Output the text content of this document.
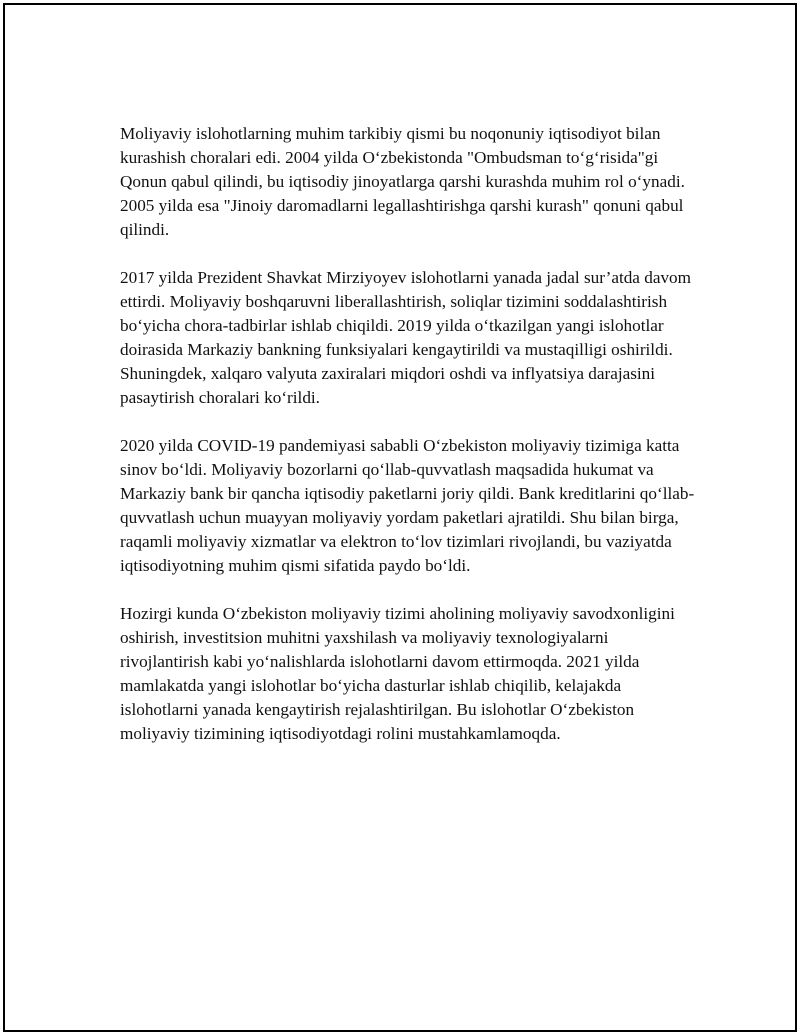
Moliyaviy islohotlarning muhim tarkibiy qismi bu noqonuniy iqtisodiyot bilan kurashish choralari edi. 2004 yilda O‘zbekistonda "Ombudsman to‘g‘risida"gi Qonun qabul qilindi, bu iqtisodiy jinoyatlarga qarshi kurashda muhim rol o‘ynadi. 2005 yilda esa "Jinoiy daromadlarni legallashtirishga qarshi kurash" qonuni qabul qilindi.

2017 yilda Prezident Shavkat Mirziyoyev islohotlarni yanada jadal sur’atda davom ettirdi. Moliyaviy boshqaruvni liberallashtirish, soliqlar tizimini soddalashtirish bo‘yicha chora-tadbirlar ishlab chiqildi. 2019 yilda o‘tkazilgan yangi islohotlar doirasida Markaziy bankning funksiyalari kengaytirildi va mustaqilligi oshirildi. Shuningdek, xalqaro valyuta zaxiralari miqdori oshdi va inflyatsiya darajasini pasaytirish choralari ko‘rildi.

2020 yilda COVID-19 pandemiyasi sababli O‘zbekiston moliyaviy tizimiga katta sinov bo‘ldi. Moliyaviy bozorlarni qo‘llab-quvvatlash maqsadida hukumat va Markaziy bank bir qancha iqtisodiy paketlarni joriy qildi. Bank kreditlarini qo‘llab-quvvatlash uchun muayyan moliyaviy yordam paketlari ajratildi. Shu bilan birga, raqamli moliyaviy xizmatlar va elektron to‘lov tizimlari rivojlandi, bu vaziyatda iqtisodiyotning muhim qismi sifatida paydo bo‘ldi.

Hozirgi kunda O‘zbekiston moliyaviy tizimi aholining moliyaviy savodxonligini oshirish, investitsion muhitni yaxshilash va moliyaviy texnologiyalarni rivojlantirish kabi yo‘nalishlarda islohotlarni davom ettirmoqda. 2021 yilda mamlakatda yangi islohotlar bo‘yicha dasturlar ishlab chiqilib, kelajakda islohotlarni yanada kengaytirish rejalashtirilgan. Bu islohotlar O‘zbekiston moliyaviy tizimining iqtisodiyotdagi rolini mustahkamlamoqda.
